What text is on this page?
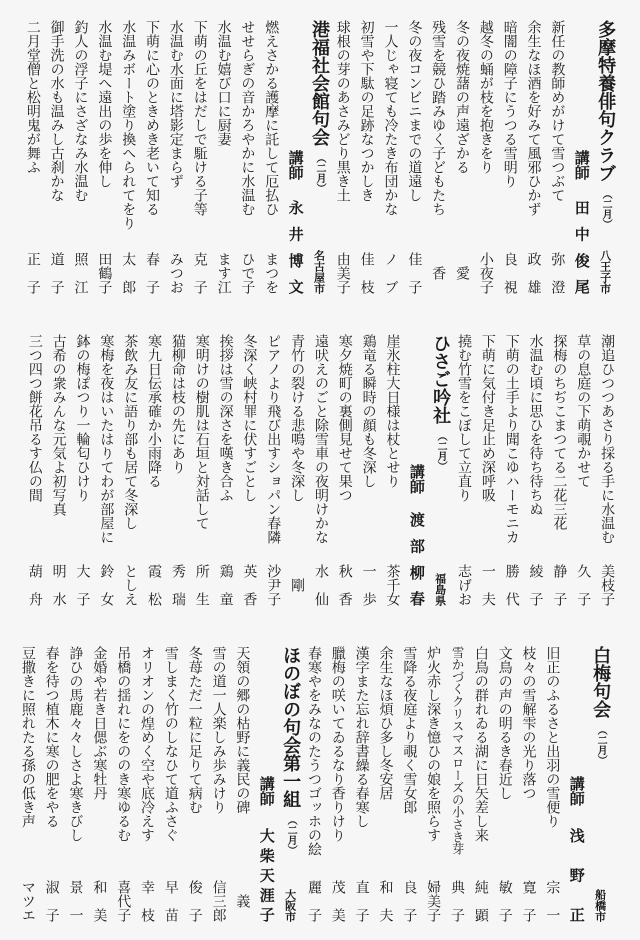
多摩特養俳句クラブ
（二月）
八王子市
講師
田中俊尾
新任の教師めがけて雪つぶて
弥澄
余生なほ酒を好みて風邪ひかず
政雄
暗闇の障子にうつる雪明り
良視
越冬の蛹が枝を抱きをり
小夜子
冬の夜焼藷の声遠ざかる
愛
残雪を競ひ踏みゆく子どもたち
香
冬の夜コンビニまでの道遠し
佳子
一人じゃ寝ても冷たき布団かな
ノブ
初雪や下駄の足跡なつかしき
佳枝
球根の芽のあさみどり黒き土
由美子
港福社会館句会
（二月）
名古屋市
講師
永井博文
燃えさかる護摩に託して厄払ひ
まつを
せせらぎの音かろやかに水温む
ひで子
水温む嬉び口に厨妻
ます江
下萌の丘をはだしで駈ける子等
克子
水温む水面に塔影定まらず
みつお
下萌に心のときめき老いて知る
春子
水温みボート塗り換へられてをり
太郎
水温む堤へ遠出の歩を伸し
田鶴子
釣人の浮子にさざなみ水温む
照江
御手洗の水も温みし古刹かな
道子
二月堂僧と松明鬼が舞ふ
正子
潮追ひつつあさり採る手に水温む
美枝子
草の息庭の下萌覗かせて
久子
探梅のちぢこまつてる二花三花
静子
水温む頃に思ひを待ち待ちぬ
綾子
下萌の土手より聞こゆハーモニカ
勝代
下萌に気付き足止め深呼吸
一夫
撓む竹雪をこぼして立直り
志げお
ひさご吟社
（二月）
福島県
講師
渡部柳春
崖氷柱大日様は杖とせり
茶千女
鶏竜る瞬時の顔も冬深し
一歩
寒夕焼町の裏側見せて果つ
秋香
遠吠えのごと除雪車の夜明けかな
水仙
青竹の裂ける悲鳴や冬深し
剛
ピアノより飛び出すショパン春隣
沙尹子
冬深く峡村罪に伏すごとし
英香
挨拶は雪の深さを嘆き合ふ
鶏童
寒明けの樹肌は石垣と対話して
所生
猫柳命は枝の先にあり
秀瑞
寒九日伝承確か小雨降る
霞松
茶飲み友に語り部も居て冬深し
としえ
寒梅を夜はいたはりてわが部屋に
鈴女
鉢の梅ぽつり一輪匂ひけり
大子
古希の衆みんな元気よ初写真
明水
三つ四つ餅花吊るす仏の間
葫舟
白梅句会
（二月）
船橋市
講師
浅野正
旧正のふるさと出羽の雪便り
宗一
枝々の雪解雫の光り落つ
寛子
文鳥の声の明るき春近し
敏子
白鳥の群れゐる湖に日矢差し来
純顕
雪かづくクリスマスローズの小さき芽
典子
炉火赤し深き憶ひの娘を照らす
婦美子
雪降る夜庭より覗く雪女郎
良子
余生なほ煩ひ多し冬安居
和夫
漢字また忘れ辞書繰る春寒し
直子
臘梅の咲いてゐるなり香りけり
茂美
春寒やをみなのたうつゴッホの絵
麗子
ほのぼの句会第一組
（二月）
大阪市
講師
大柴天涯子
天領の郷の枯野に義民の碑
義
雪の道一人楽しみ歩みけり
信三郎
冬苺ただ一粒に足りて病む
俊子
雪しまく竹のしなひて道ふさぐ
早苗
オリオンの煌めく空や底冷えす
幸枝
吊橋の揺れにをののき寒ゆるむ
喜代子
金婚や若き日偲ぶ寒牡丹
和美
諍ひの馬鹿々々しさよ寒きびし
景一
春を待つ植木に寒の肥をやる
淑子
豆撒きに照れたる孫の低き声
マツエ
